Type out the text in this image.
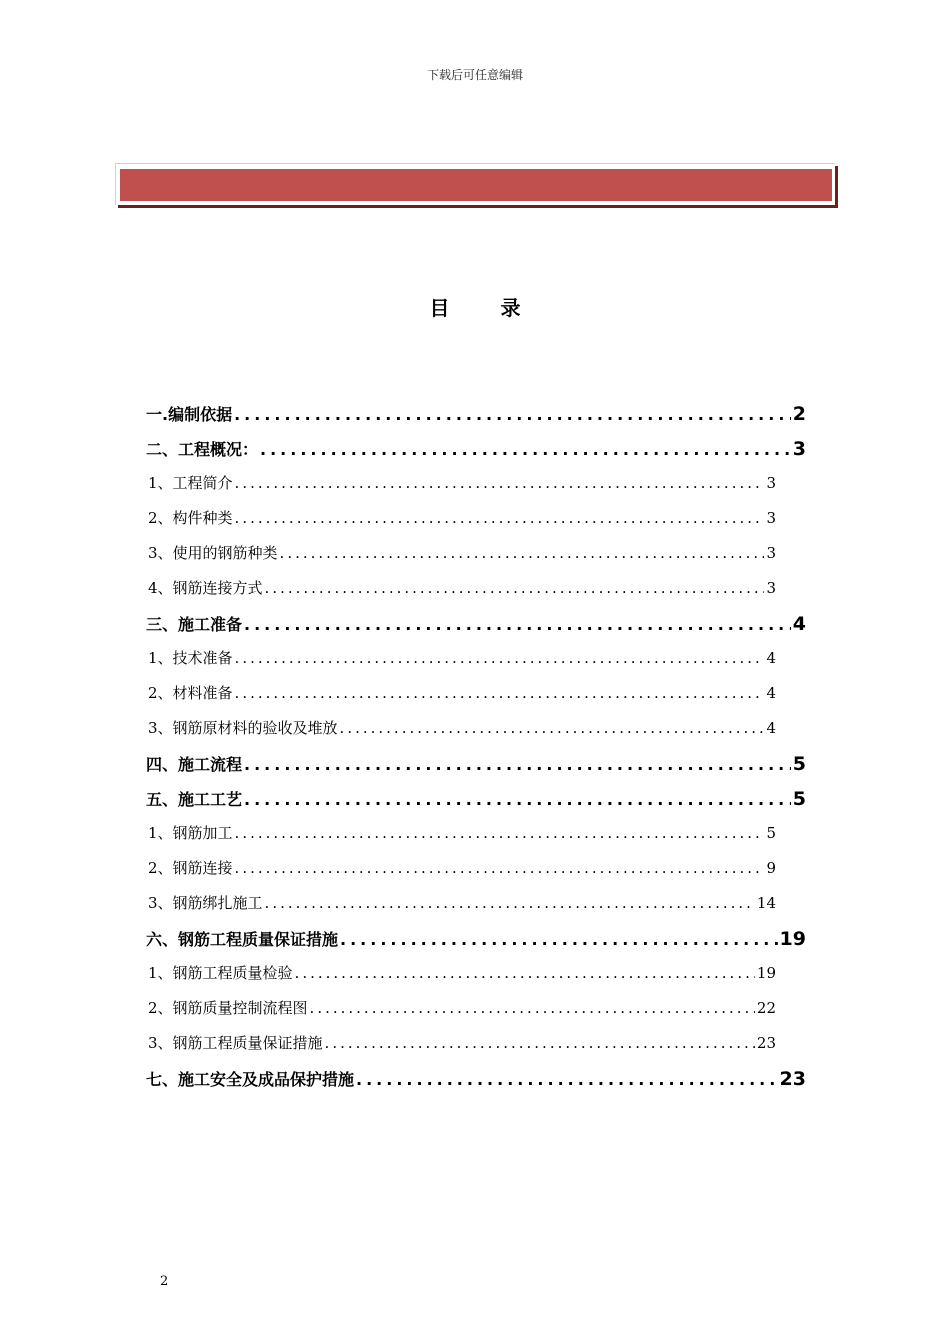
下载后可任意编辑
目 录
一.编制依据 .....	2
二、工程概况： .....	3
1、工程简介 .....	3
2、构件种类 .....	3
3、使用的钢筋种类 .....	3
4、钢筋连接方式 .....	3
三、施工准备 .....	4
1、技术准备 .....	4
2、材料准备 .....	4
3、钢筋原材料的验收及堆放 .....	4
四、施工流程 .....	5
五、施工工艺 .....	5
1、钢筋加工 .....	5
2、钢筋连接 .....	9
3、钢筋绑扎施工 .....	14
六、钢筋工程质量保证措施 .....	19
1、钢筋工程质量检验 .....	19
2、钢筋质量控制流程图 .....	22
3、钢筋工程质量保证措施 .....	23
七、施工安全及成品保护措施 .....	23
2
